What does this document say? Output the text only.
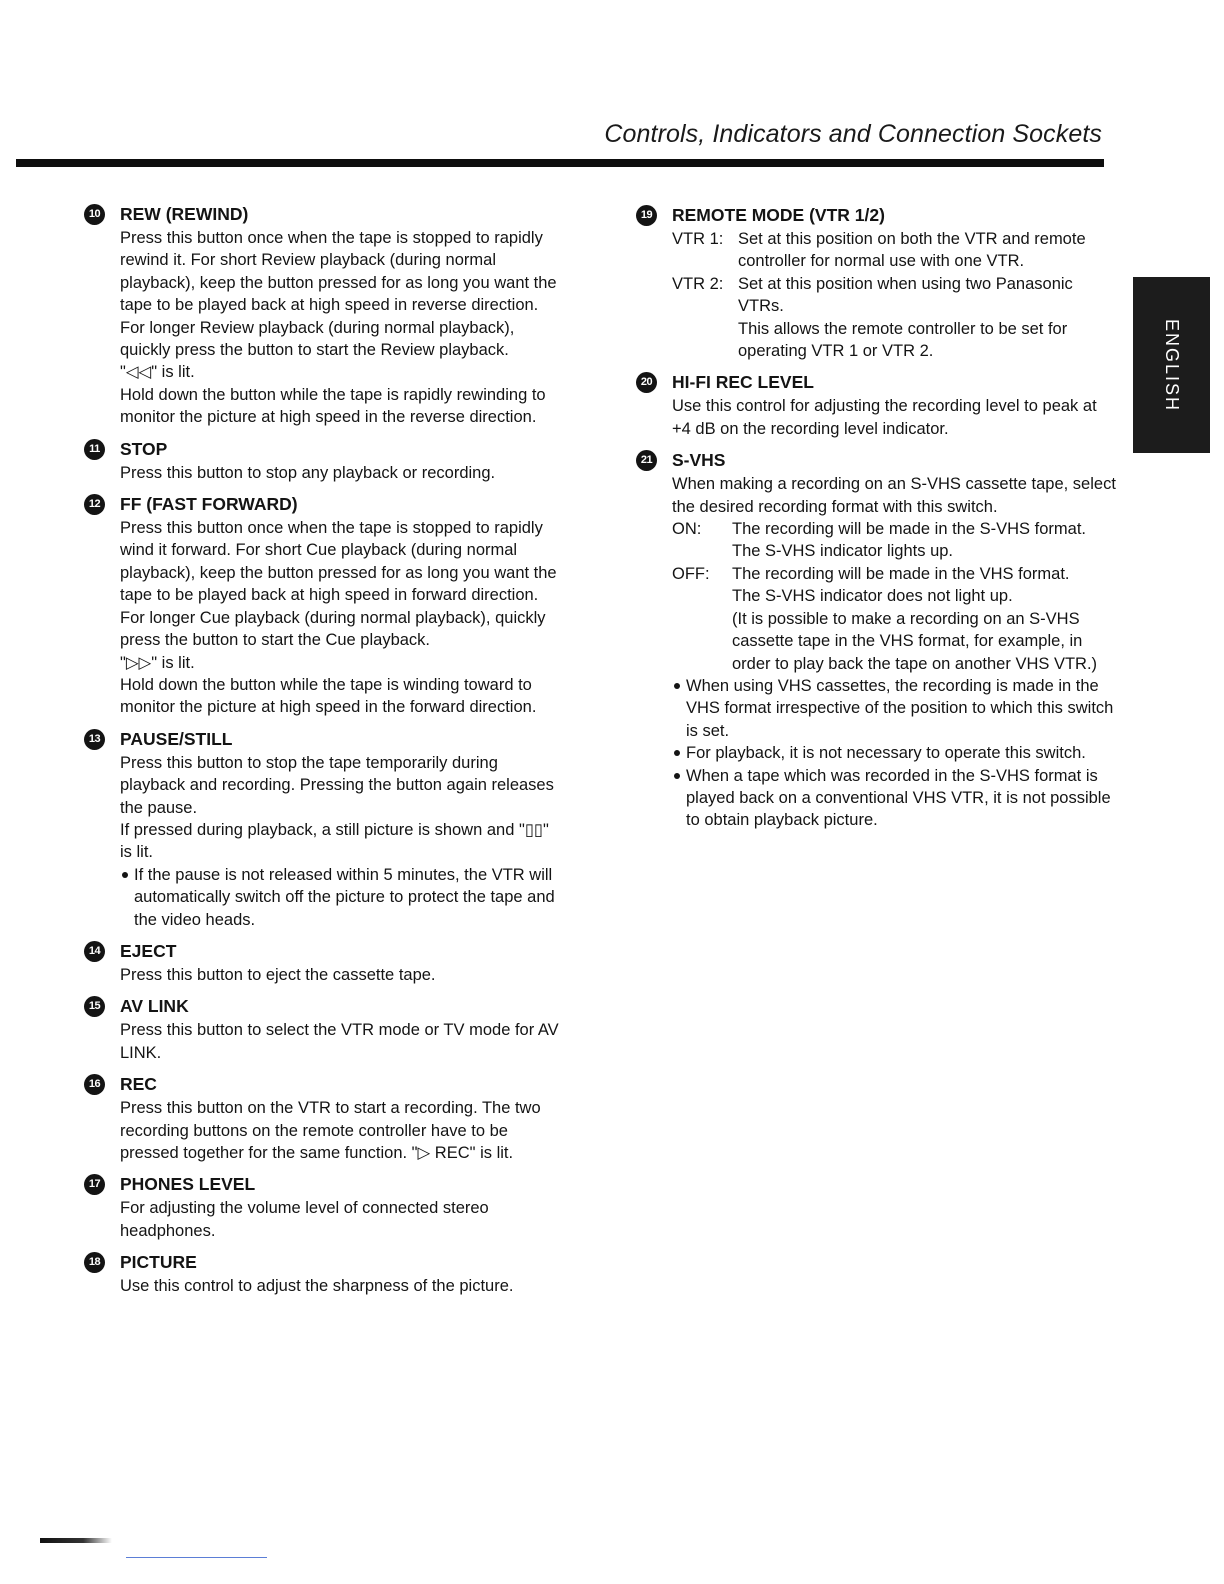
Controls, Indicators and Connection Sockets
ENGLISH
10 REW (REWIND)
Press this button once when the tape is stopped to rapidly rewind it. For short Review playback (during normal playback), keep the button pressed for as long you want the tape to be played back at high speed in reverse direction. For longer Review playback (during normal playback), quickly press the button to start the Review playback.
"◁◁" is lit.
Hold down the button while the tape is rapidly rewinding to monitor the picture at high speed in the reverse direction.
11 STOP
Press this button to stop any playback or recording.
12 FF (FAST FORWARD)
Press this button once when the tape is stopped to rapidly wind it forward. For short Cue playback (during normal playback), keep the button pressed for as long you want the tape to be played back at high speed in forward direction. For longer Cue playback (during normal playback), quickly press the button to start the Cue playback.
"▷▷" is lit.
Hold down the button while the tape is winding toward to monitor the picture at high speed in the forward direction.
13 PAUSE/STILL
Press this button to stop the tape temporarily during playback and recording. Pressing the button again releases the pause.
If pressed during playback, a still picture is shown and "▯▯" is lit.
If the pause is not released within 5 minutes, the VTR will automatically switch off the picture to protect the tape and the video heads.
14 EJECT
Press this button to eject the cassette tape.
15 AV LINK
Press this button to select the VTR mode or TV mode for AV LINK.
16 REC
Press this button on the VTR to start a recording. The two recording buttons on the remote controller have to be pressed together for the same function. "▷ REC" is lit.
17 PHONES LEVEL
For adjusting the volume level of connected stereo headphones.
18 PICTURE
Use this control to adjust the sharpness of the picture.
19 REMOTE MODE (VTR 1/2)
VTR 1: Set at this position on both the VTR and remote controller for normal use with one VTR.
VTR 2: Set at this position when using two Panasonic VTRs.
This allows the remote controller to be set for operating VTR 1 or VTR 2.
20 HI-FI REC LEVEL
Use this control for adjusting the recording level to peak at +4 dB on the recording level indicator.
21 S-VHS
When making a recording on an S-VHS cassette tape, select the desired recording format with this switch.
ON:	The recording will be made in the S-VHS format.
The S-VHS indicator lights up.
OFF:	The recording will be made in the VHS format.
The S-VHS indicator does not light up.
(It is possible to make a recording on an S-VHS cassette tape in the VHS format, for example, in order to play back the tape on another VHS VTR.)
When using VHS cassettes, the recording is made in the VHS format irrespective of the position to which this switch is set.
For playback, it is not necessary to operate this switch.
When a tape which was recorded in the S-VHS format is played back on a conventional VHS VTR, it is not possible to obtain playback picture.
